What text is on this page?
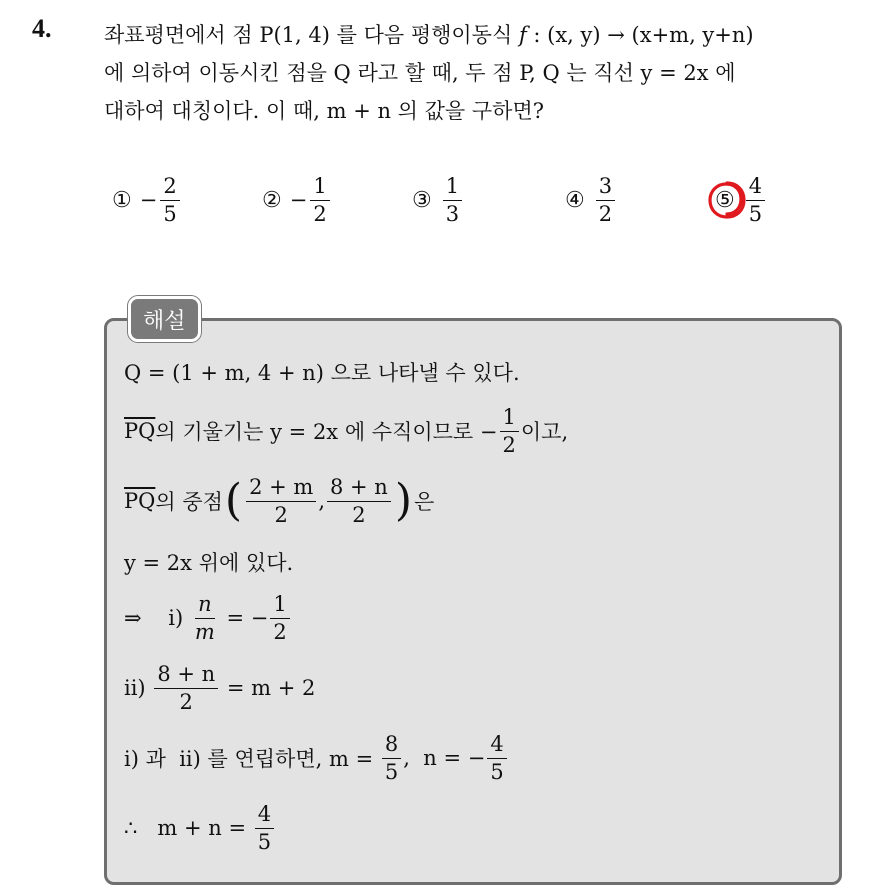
4.	좌표평면에서 점 P(1, 4) 를 다음 평행이동식 f : (x, y) → (x+m, y+n)
에 의하여 이동시킨 점을 Q 라고 할 때, 두 점 P, Q 는 직선 y = 2x 에
대하여 대칭이다. 이 때, m + n 의 값을 구하면?
① − $\frac{2}{5}$	② − $\frac{1}{2}$	③ $\frac{1}{3}$	④ $\frac{3}{2}$	⑤ $\frac{4}{5}$
해설
Q = (1 + m, 4 + n) 으로 나타낼 수 있다.
$\overline{PQ}$ 의 기울기는 y = 2x 에 수직이므로 − $\frac{1}{2}$ 이고,
$\overline{PQ}$ 의 중점 ( $\frac{2 + m}{2}$ , $\frac{8 + n}{2}$ ) 은
y = 2x 위에 있다.
⇒    $i) \frac{n}{m}$ = − $\frac{1}{2}$
$ii) \frac{8 + n}{2} = m + 2$
i) 과  ii) 를 연립하면, $m = \frac{8}{5}$ ,  n = − $\frac{4}{5}$
∴   $m + n = \frac{4}{5}$
